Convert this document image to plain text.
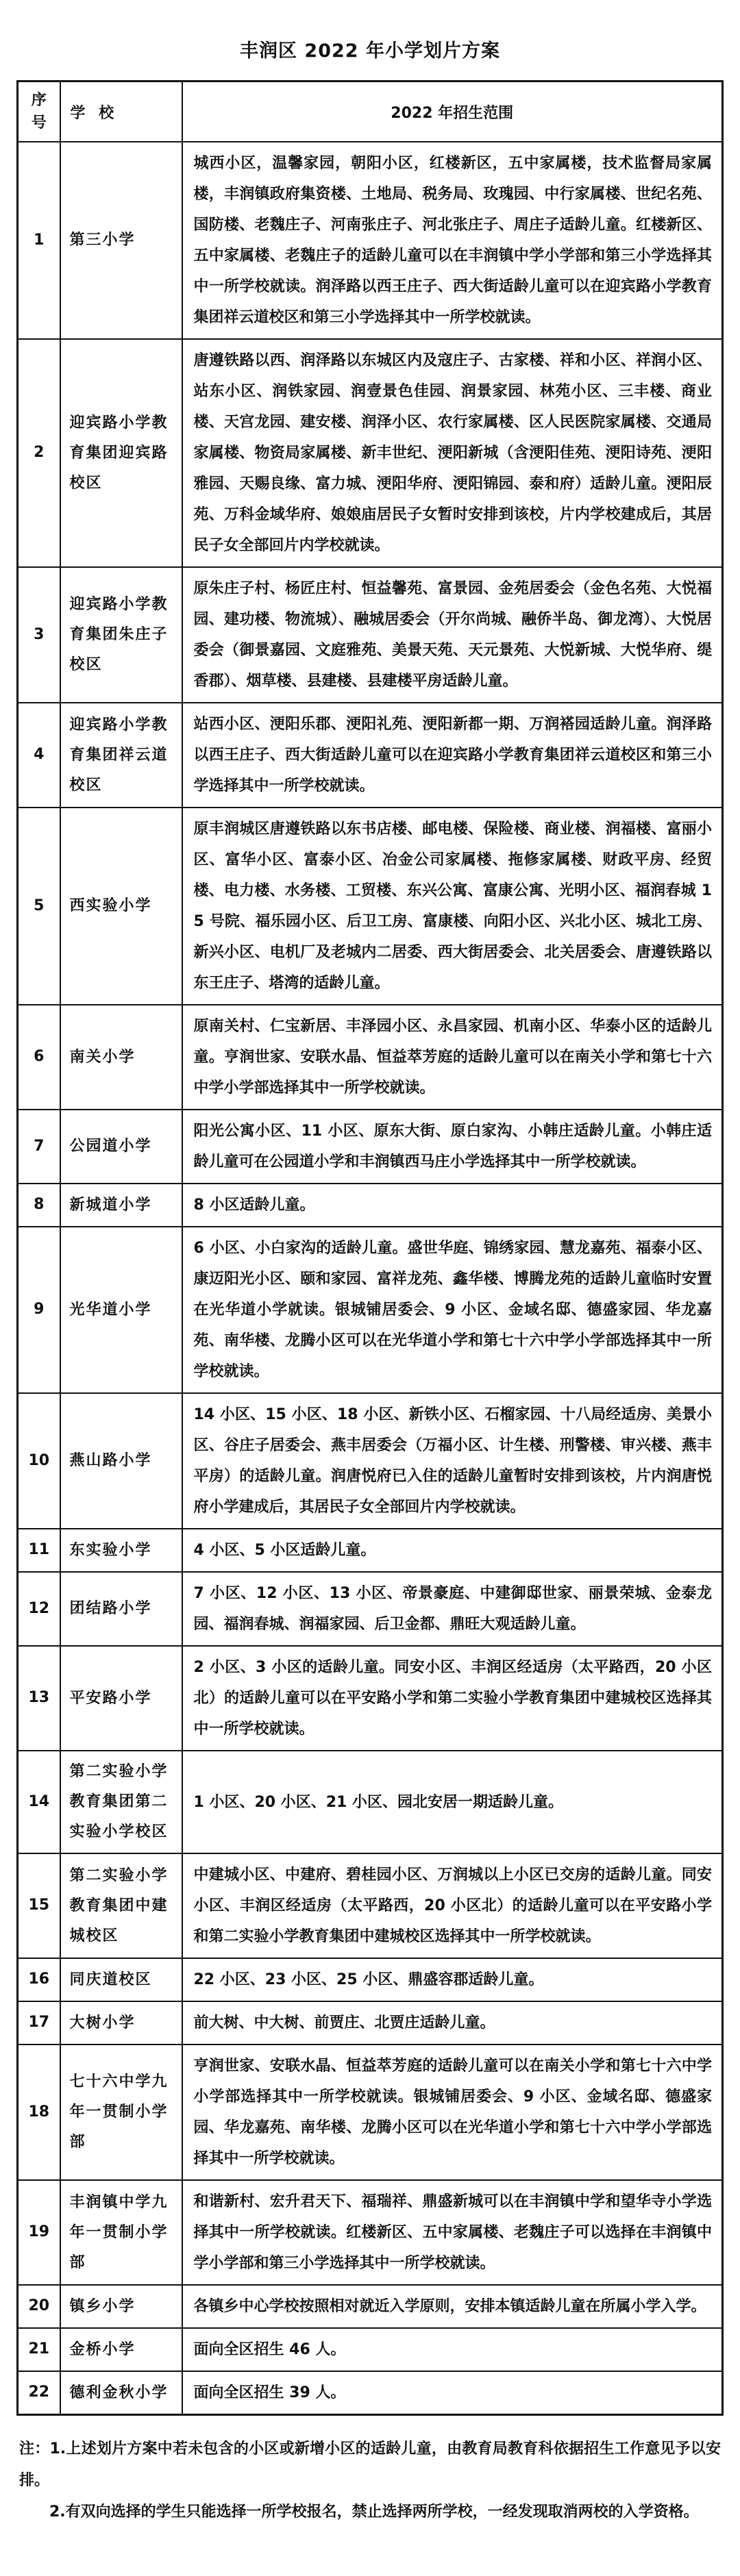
丰润区 2022 年小学划片方案
序号	学 校	2022 年招生范围
1	第三小学	城西小区，温馨家园，朝阳小区，红楼新区，五中家属楼，技术监督局家属楼，丰润镇政府集资楼、土地局、税务局、玫瑰园、中行家属楼、世纪名苑、国防楼、老魏庄子、河南张庄子、河北张庄子、周庄子适龄儿童。红楼新区、五中家属楼、老魏庄子的适龄儿童可以在丰润镇中学小学部和第三小学选择其中一所学校就读。润泽路以西王庄子、西大街适龄儿童可以在迎宾路小学教育集团祥云道校区和第三小学选择其中一所学校就读。
2	迎宾路小学教育集团迎宾路校区	唐遵铁路以西、润泽路以东城区内及寇庄子、古家楼、祥和小区、祥润小区、站东小区、润铁家园、润壹景色佳园、润景家园、林苑小区、三丰楼、商业楼、天宫龙园、建安楼、润泽小区、农行家属楼、区人民医院家属楼、交通局家属楼、物资局家属楼、新丰世纪、浭阳新城（含浭阳佳苑、浭阳诗苑、浭阳雅园、天赐良缘、富力城、浭阳华府、浭阳锦园、泰和府）适龄儿童。浭阳辰苑、万科金域华府、娘娘庙居民子女暂时安排到该校，片内学校建成后，其居民子女全部回片内学校就读。
3	迎宾路小学教育集团朱庄子校区	原朱庄子村、杨匠庄村、恒益馨苑、富景园、金苑居委会（金色名苑、大悦福园、建功楼、物流城）、融城居委会（开尔尚城、融侨半岛、御龙湾）、大悦居委会（御景嘉园、文庭雅苑、美景天苑、天元景苑、大悦新城、大悦华府、缇香郡）、烟草楼、县建楼、县建楼平房适龄儿童。
4	迎宾路小学教育集团祥云道校区	站西小区、浭阳乐郡、浭阳礼苑、浭阳新都一期、万润褡园适龄儿童。润泽路以西王庄子、西大街适龄儿童可以在迎宾路小学教育集团祥云道校区和第三小学选择其中一所学校就读。
5	西实验小学	原丰润城区唐遵铁路以东书店楼、邮电楼、保险楼、商业楼、润福楼、富丽小区、富华小区、富泰小区、冶金公司家属楼、拖修家属楼、财政平房、经贸楼、电力楼、水务楼、工贸楼、东兴公寓、富康公寓、光明小区、福润春城 15 号院、福乐园小区、后卫工房、富康楼、向阳小区、兴北小区、城北工房、新兴小区、电机厂及老城内二居委、西大街居委会、北关居委会、唐遵铁路以东王庄子、塔湾的适龄儿童。
6	南关小学	原南关村、仁宝新居、丰泽园小区、永昌家园、机南小区、华泰小区的适龄儿童。亨润世家、安联水晶、恒益萃芳庭的适龄儿童可以在南关小学和第七十六中学小学部选择其中一所学校就读。
7	公园道小学	阳光公寓小区、11 小区、原东大街、原白家沟、小韩庄适龄儿童。小韩庄适龄儿童可在公园道小学和丰润镇西马庄小学选择其中一所学校就读。
8	新城道小学	8 小区适龄儿童。
9	光华道小学	6 小区、小白家沟的适龄儿童。盛世华庭、锦绣家园、慧龙嘉苑、福泰小区、康迈阳光小区、颐和家园、富祥龙苑、鑫华楼、博腾龙苑的适龄儿童临时安置在光华道小学就读。银城铺居委会、9 小区、金域名邸、德盛家园、华龙嘉苑、南华楼、龙腾小区可以在光华道小学和第七十六中学小学部选择其中一所学校就读。
10	燕山路小学	14 小区、15 小区、18 小区、新铁小区、石榴家园、十八局经适房、美景小区、谷庄子居委会、燕丰居委会（万福小区、计生楼、刑警楼、审兴楼、燕丰平房）的适龄儿童。润唐悦府已入住的适龄儿童暂时安排到该校，片内润唐悦府小学建成后，其居民子女全部回片内学校就读。
11	东实验小学	4 小区、5 小区适龄儿童。
12	团结路小学	7 小区、12 小区、13 小区、帝景豪庭、中建御邸世家、丽景荣城、金泰龙园、福润春城、润福家园、后卫金都、鼎旺大观适龄儿童。
13	平安路小学	2 小区、3 小区的适龄儿童。同安小区、丰润区经适房（太平路西，20 小区北）的适龄儿童可以在平安路小学和第二实验小学教育集团中建城校区选择其中一所学校就读。
14	第二实验小学教育集团第二实验小学校区	1 小区、20 小区、21 小区、园北安居一期适龄儿童。
15	第二实验小学教育集团中建城校区	中建城小区、中建府、碧桂园小区、万润城以上小区已交房的适龄儿童。同安小区、丰润区经适房（太平路西，20 小区北）的适龄儿童可以在平安路小学和第二实验小学教育集团中建城校区选择其中一所学校就读。
16	同庆道校区	22 小区、23 小区、25 小区、鼎盛容郡适龄儿童。
17	大树小学	前大树、中大树、前贾庄、北贾庄适龄儿童。
18	七十六中学九年一贯制小学部	亨润世家、安联水晶、恒益萃芳庭的适龄儿童可以在南关小学和第七十六中学小学部选择其中一所学校就读。银城铺居委会、9 小区、金域名邸、德盛家园、华龙嘉苑、南华楼、龙腾小区可以在光华道小学和第七十六中学小学部选择其中一所学校就读。
19	丰润镇中学九年一贯制小学部	和谐新村、宏升君天下、福瑞祥、鼎盛新城可以在丰润镇中学和望华寺小学选择其中一所学校就读。红楼新区、五中家属楼、老魏庄子可以选择在丰润镇中学小学部和第三小学选择其中一所学校就读。
20	镇乡小学	各镇乡中心学校按照相对就近入学原则，安排本镇适龄儿童在所属小学入学。
21	金桥小学	面向全区招生 46 人。
22	德利金秋小学	面向全区招生 39 人。

注：1.上述划片方案中若未包含的小区或新增小区的适龄儿童，由教育局教育科依据招生工作意见予以安排。

2.有双向选择的学生只能选择一所学校报名，禁止选择两所学校，一经发现取消两校的入学资格。
